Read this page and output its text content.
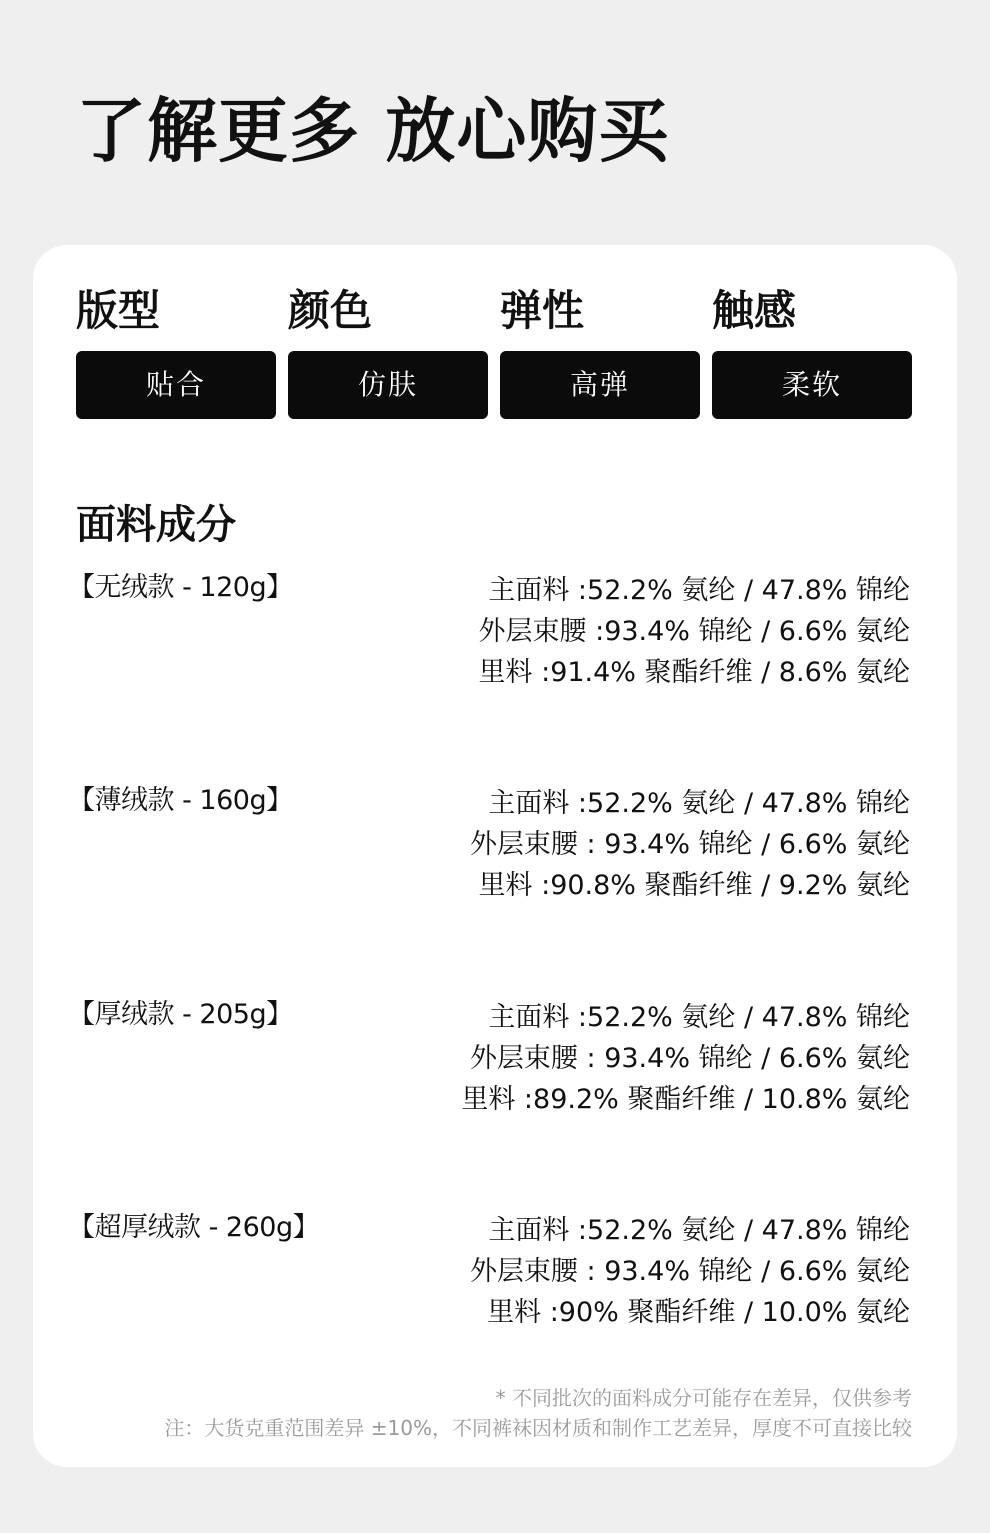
了解更多 放心购买
版型
贴合
颜色
仿肤
弹性
高弹
触感
柔软
面料成分
【无绒款 - 120g】	主面料 :52.2% 氨纶 / 47.8% 锦纶
外层束腰 :93.4% 锦纶 / 6.6% 氨纶
里料 :91.4% 聚酯纤维 / 8.6% 氨纶
【薄绒款 - 160g】	主面料 :52.2% 氨纶 / 47.8% 锦纶
外层束腰 : 93.4% 锦纶 / 6.6% 氨纶
里料 :90.8% 聚酯纤维 / 9.2% 氨纶
【厚绒款 - 205g】	主面料 :52.2% 氨纶 / 47.8% 锦纶
外层束腰 : 93.4% 锦纶 / 6.6% 氨纶
里料 :89.2% 聚酯纤维 / 10.8% 氨纶
【超厚绒款 - 260g】	主面料 :52.2% 氨纶 / 47.8% 锦纶
外层束腰 : 93.4% 锦纶 / 6.6% 氨纶
里料 :90% 聚酯纤维 / 10.0% 氨纶
* 不同批次的面料成分可能存在差异，仅供参考
注：大货克重范围差异 ±10%，不同裤袜因材质和制作工艺差异，厚度不可直接比较
